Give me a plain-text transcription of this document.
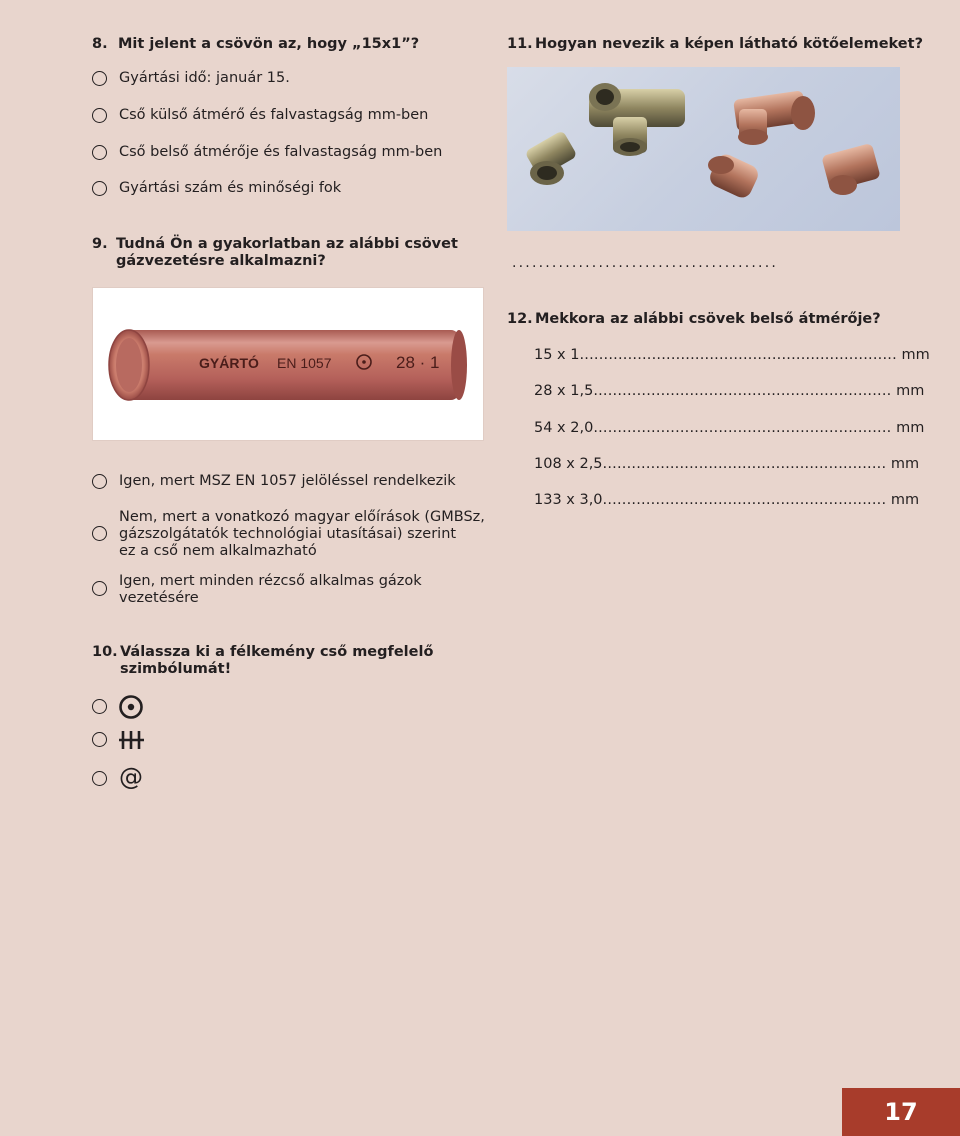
8. Mit jelent a csövön az, hogy „15x1”?
Gyártási idő: január 15.
Cső külső átmérő és falvastagság mm-ben
Cső belső átmérője és falvastagság mm-ben
Gyártási szám és minőségi fok
9. Tudná Ön a gyakorlatban az alábbi csövet
gázvezetésre alkalmazni?
GYÁRTÓ EN 1057	28 · 1
Igen, mert MSZ EN 1057 jelöléssel rendelkezik
Nem, mert a vonatkozó magyar előírások (GMBSz,
gázszolgátatók technológiai utasításai) szerint
ez a cső nem alkalmazható
Igen, mert minden rézcső alkalmas gázok
vezetésére
10. Válassza ki a félkemény cső megfelelő
szimbólumát!
@
11. Hogyan nevezik a képen látható kötőelemeket?
........................................
12. Mekkora az alábbi csövek belső átmérője?
15 x 1.................................................................. mm
28 x 1,5.............................................................. mm
54 x 2,0.............................................................. mm
108 x 2,5........................................................... mm
133 x 3,0........................................................... mm
17
